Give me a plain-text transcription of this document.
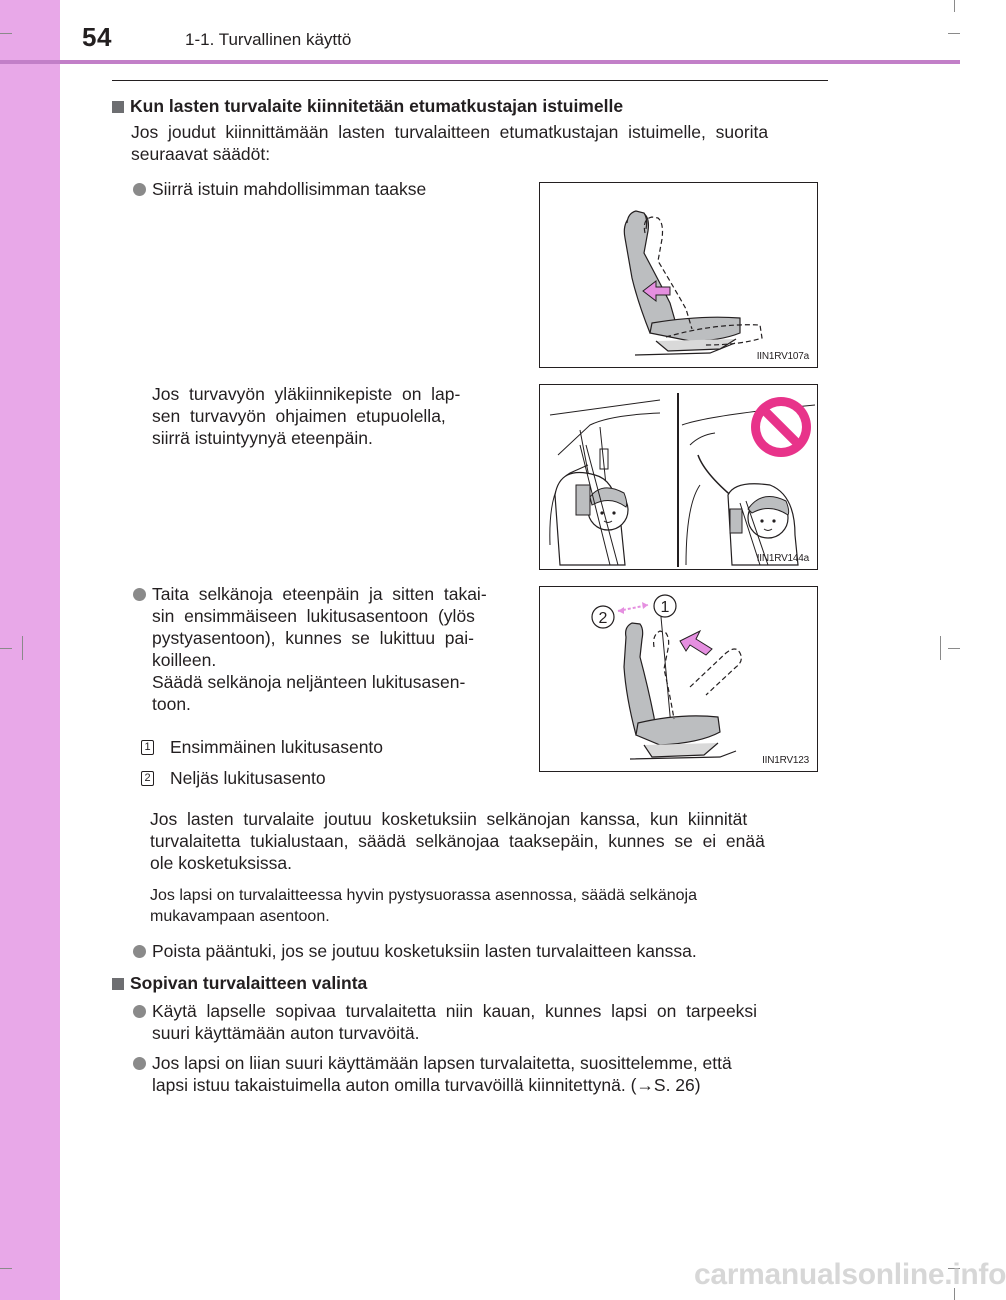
54	1-1. Turvallinen käyttö
Kun lasten turvalaite kiinnitetään etumatkustajan istuimelle
Jos  joudut  kiinnittämään  lasten  turvalaitteen  etumatkustajan  istuimelle,  suorita
seuraavat säädöt:
Siirrä istuin mahdollisimman taakse
IIN1RV107a
Jos  turvavyön  yläkiinnikepiste  on  lap-
sen  turvavyön  ohjaimen  etupuolella,
siirrä istuintyynyä eteenpäin.
IIN1RV144a
Taita  selkänoja  eteenpäin  ja  sitten  takai-
sin  ensimmäiseen  lukitusasentoon  (ylös
pystyasentoon),  kunnes  se  lukittuu  pai-
koilleen.
Säädä selkänoja neljänteen lukitusasen-
toon.
1 Ensimmäinen lukitusasento
2 Neljäs lukitusasento
2
1
IIN1RV123
Jos  lasten  turvalaite  joutuu  kosketuksiin  selkänojan  kanssa,  kun  kiinnität
turvalaitetta  tukialustaan,  säädä  selkänojaa  taaksepäin,  kunnes  se  ei  enää
ole kosketuksissa.
Jos lapsi on turvalaitteessa hyvin pystysuorassa asennossa, säädä selkänoja
mukavampaan asentoon.
Poista pääntuki, jos se joutuu kosketuksiin lasten turvalaitteen kanssa.
Sopivan turvalaitteen valinta
Käytä  lapselle  sopivaa  turvalaitetta  niin  kauan,  kunnes  lapsi  on  tarpeeksi
suuri käyttämään auton turvavöitä.
Jos lapsi on liian suuri käyttämään lapsen turvalaitetta, suosittelemme, että
lapsi istuu takaistuimella auton omilla turvavöillä kiinnitettynä. (→S. 26)
carmanualsonline.info
